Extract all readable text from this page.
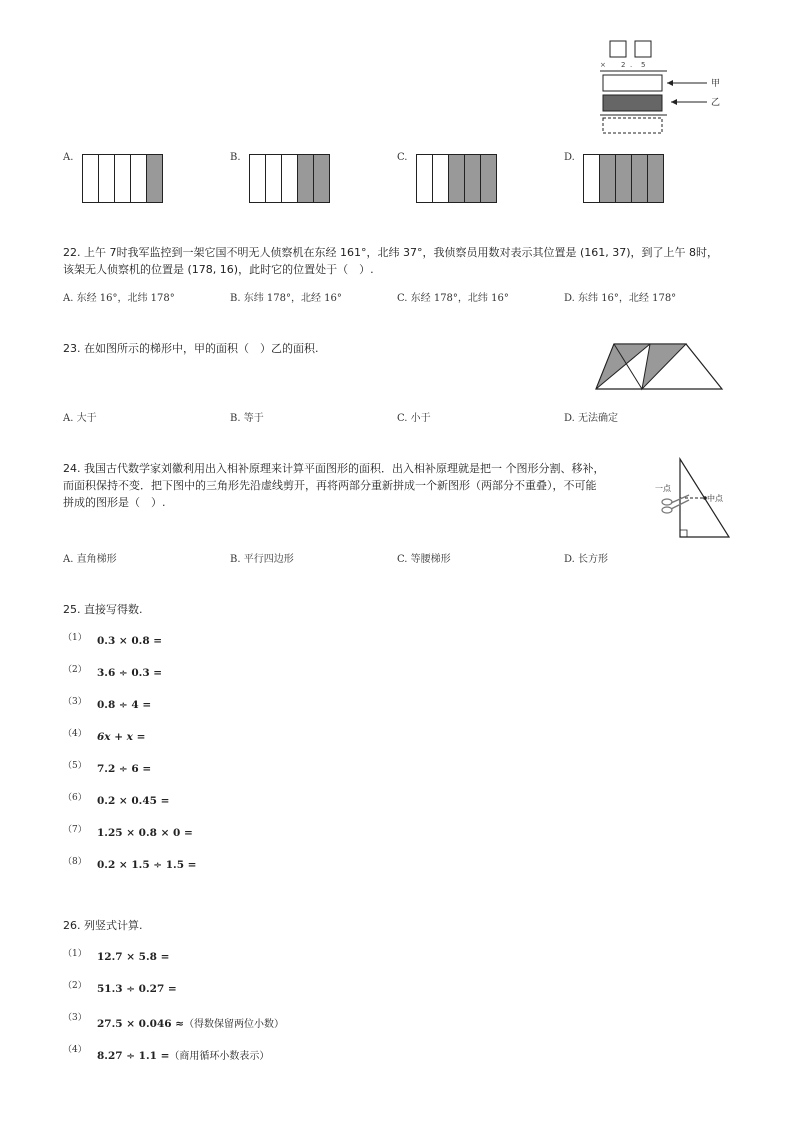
× 2 . 5
甲
乙
A.	B.	C.	D.
22. 上午 7时我军监控到一架它国不明无人侦察机在东经 161°，北纬 37°，我侦察员用数对表示其位置是 (161, 37)，到了上午 8时，
该架无人侦察机的位置是 (178, 16)，此时它的位置处于（　）.
A. 东经 16°，北纬 178°	B. 东纬 178°，北经 16°	C. 东经 178°，北纬 16°	D. 东纬 16°，北经 178°
23. 在如图所示的梯形中，甲的面积（　）乙的面积.
A. 大于	B. 等于	C. 小于	D. 无法确定
24. 我国古代数学家刘徽利用出入相补原理来计算平面图形的面积．出入相补原理就是把一 个图形分割、移补，
而面积保持不变．把下图中的三角形先沿虚线剪开，再将两部分重新拼成一个新图形（两部分不重叠），不可能
拼成的图形是（　）.	中点
一点
A. 直角梯形	B. 平行四边形	C. 等腰梯形	D. 长方形
25. 直接写得数.
（1） 0.3 × 0.8 =
（2） 3.6 ÷ 0.3 =
（3） 0.8 ÷ 4 =
（4） 6x + x =
（5） 7.2 ÷ 6 =
（6） 0.2 × 0.45 =
（7） 1.25 × 0.8 × 0 =
（8） 0.2 × 1.5 ÷ 1.5 =
26. 列竖式计算.
（1） 12.7 × 5.8 =
（2） 51.3 ÷ 0.27 =
（3） 27.5 × 0.046 ≈（得数保留两位小数）
（4） 8.27 ÷ 1.1 =（商用循环小数表示）
